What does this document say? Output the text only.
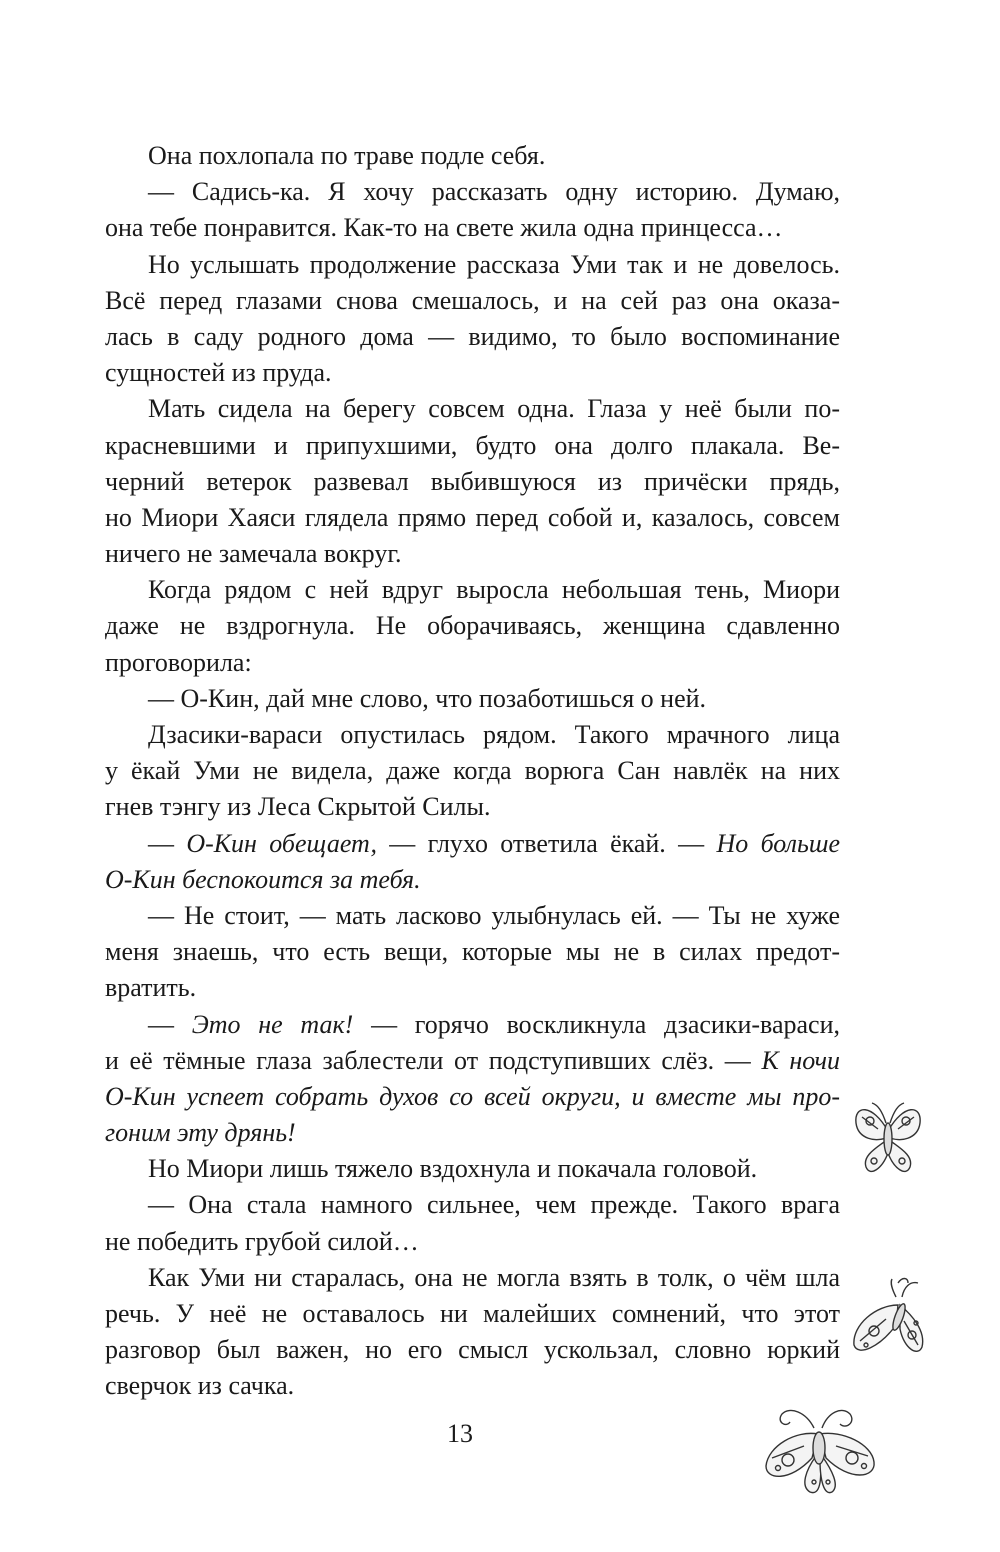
Она похлопала по траве подле себя.
— Садись-ка. Я хочу рассказать одну историю. Думаю,
она тебе понравится. Как-то на свете жила одна принцесса…
Но услышать продолжение рассказа Уми так и не довелось.
Всё перед глазами снова смешалось, и на сей раз она оказа-
лась в саду родного дома — видимо, то было воспоминание
сущностей из пруда.
Мать сидела на берегу совсем одна. Глаза у неё были по-
красневшими и припухшими, будто она долго плакала. Ве-
черний ветерок развевал выбившуюся из причёски прядь,
но Миори Хаяси глядела прямо перед собой и, казалось, совсем
ничего не замечала вокруг.
Когда рядом с ней вдруг выросла небольшая тень, Миори
даже не вздрогнула. Не оборачиваясь, женщина сдавленно
проговорила:
— О-Кин, дай мне слово, что позаботишься о ней.
Дзасики-вараси опустилась рядом. Такого мрачного лица
у ёкай Уми не видела, даже когда ворюга Сан навлёк на них
гнев тэнгу из Леса Скрытой Силы.
— О-Кин обещает, — глухо ответила ёкай. — Но больше
О-Кин беспокоится за тебя.
— Не стоит, — мать ласково улыбнулась ей. — Ты не хуже
меня знаешь, что есть вещи, которые мы не в силах предот-
вратить.
— Это не так! — горячо воскликнула дзасики-вараси,
и её тёмные глаза заблестели от подступивших слёз. — К ночи
О-Кин успеет собрать духов со всей округи, и вместе мы про-
гоним эту дрянь!
Но Миори лишь тяжело вздохнула и покачала головой.
— Она стала намного сильнее, чем прежде. Такого врага
не победить грубой силой…
Как Уми ни старалась, она не могла взять в толк, о чём шла
речь. У неё не оставалось ни малейших сомнений, что этот
разговор был важен, но его смысл ускользал, словно юркий
сверчок из сачка.
13
